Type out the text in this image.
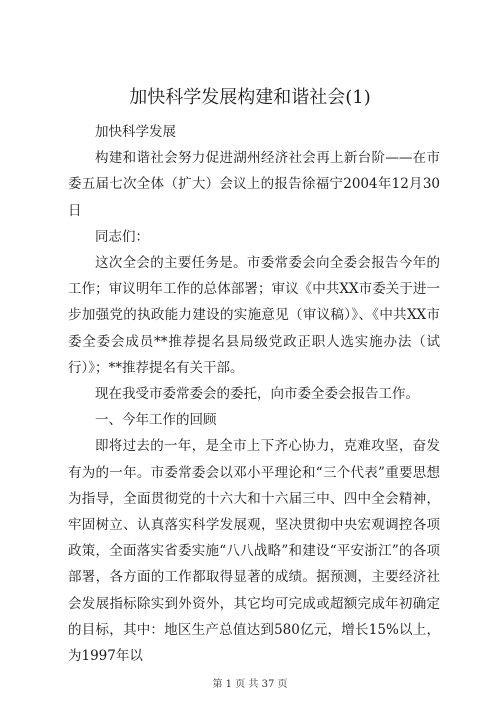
加快科学发展构建和谐社会(1)

加快科学发展

构建和谐社会努力促进湖州经济社会再上新台阶——在市委五届七次全体（扩大）会议上的报告徐福宁2004年12月30日

同志们：

这次全会的主要任务是。市委常委会向全委会报告今年的工作；审议明年工作的总体部署；审议《中共XX市委关于进一步加强党的执政能力建设的实施意见（审议稿）》、《中共XX市委全委会成员**推荐提名县局级党政正职人选实施办法（试行）》；**推荐提名有关干部。

现在我受市委常委会的委托，向市委全委会报告工作。

一、今年工作的回顾

即将过去的一年，是全市上下齐心协力，克难攻坚，奋发有为的一年。市委常委会以邓小平理论和“三个代表”重要思想为指导，全面贯彻党的十六大和十六届三中、四中全会精神，牢固树立、认真落实科学发展观，坚决贯彻中央宏观调控各项政策，全面落实省委实施“八八战略”和建设“平安浙江”的各项部署，各方面的工作都取得显著的成绩。据预测，主要经济社会发展指标除实到外资外，其它均可完成或超额完成年初确定的目标，其中：地区生产总值达到580亿元，增长15%以上，为1997年以

第 1 页 共 37 页
